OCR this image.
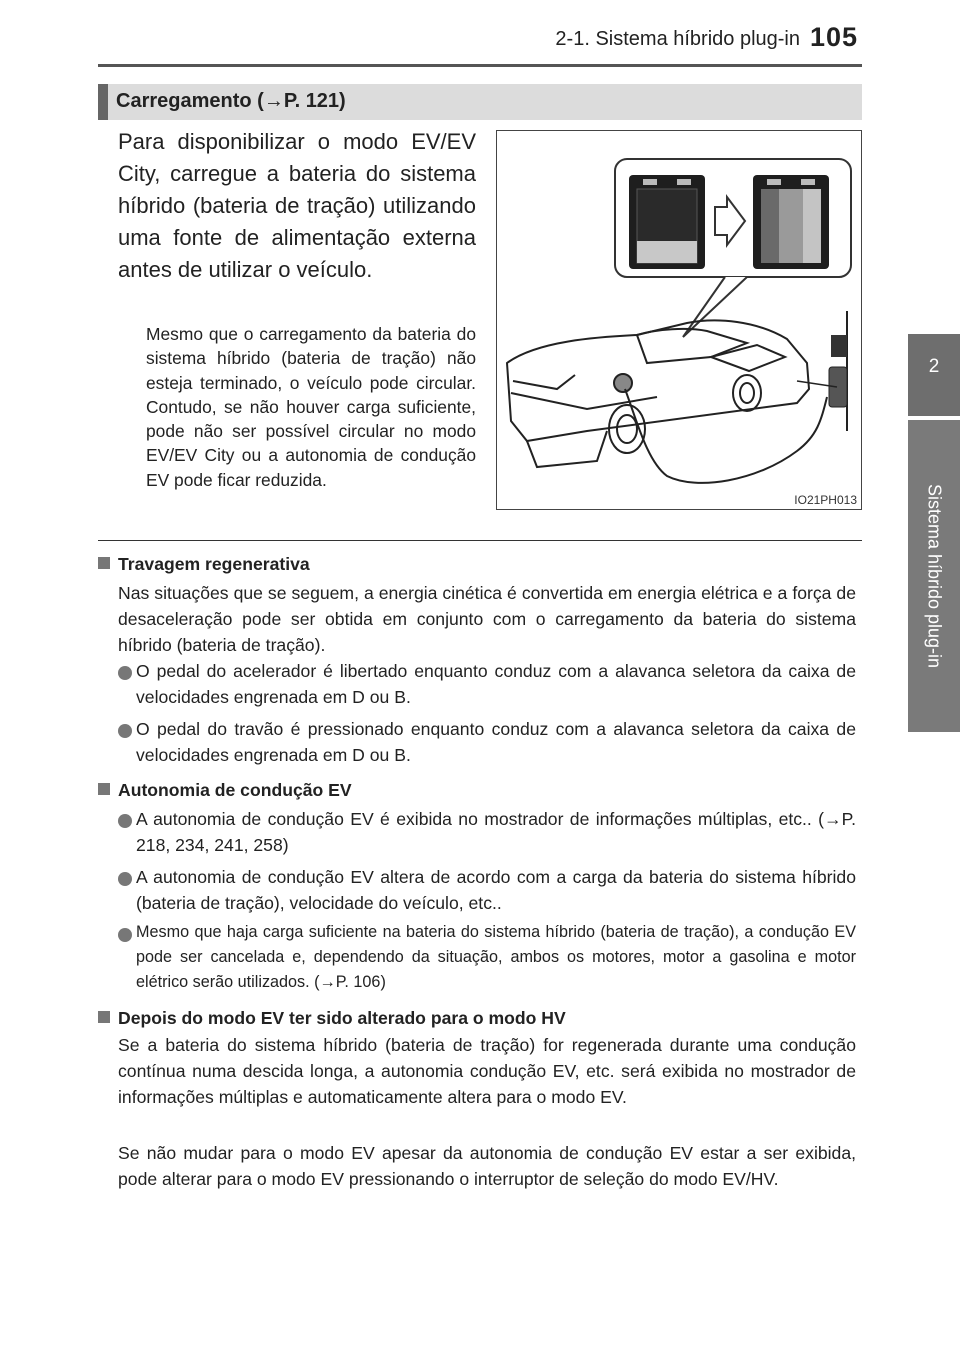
2-1. Sistema híbrido plug-in 105
2
Sistema híbrido plug-in
Carregamento (→P. 121)
Para disponibilizar o modo EV/EV City, carregue a bateria do sistema híbrido (bateria de tração) utilizando uma fonte de alimentação externa antes de utilizar o veículo.
Mesmo que o carregamento da bateria do sistema híbrido (bateria de tração) não esteja terminado, o veículo pode circular. Contudo, se não houver carga suficiente, pode não ser possível circular no modo EV/EV City ou a autonomia de condução EV pode ficar reduzida.
IO21PH013
Travagem regenerativa
Nas situações que se seguem, a energia cinética é convertida em energia elétrica e a força de desaceleração pode ser obtida em conjunto com o carregamento da bateria do sistema híbrido (bateria de tração).
O pedal do acelerador é libertado enquanto conduz com a alavanca seletora da caixa de velocidades engrenada em D ou B.
O pedal do travão é pressionado enquanto conduz com a alavanca seletora da caixa de velocidades engrenada em D ou B.
Autonomia de condução EV
A autonomia de condução EV é exibida no mostrador de informações múltiplas, etc.. (→P. 218, 234, 241, 258)
A autonomia de condução EV altera de acordo com a carga da bateria do sistema híbrido (bateria de tração), velocidade do veículo, etc..
Mesmo que haja carga suficiente na bateria do sistema híbrido (bateria de tração), a condução EV pode ser cancelada e, dependendo da situação, ambos os motores, motor a gasolina e motor elétrico serão utilizados. (→P. 106)
Depois do modo EV ter sido alterado para o modo HV
Se a bateria do sistema híbrido (bateria de tração) for regenerada durante uma condução contínua numa descida longa, a autonomia condução EV, etc. será exibida no mostrador de informações múltiplas e automaticamente altera para o modo EV.
Se não mudar para o modo EV apesar da autonomia de condução EV estar a ser exibida, pode alterar para o modo EV pressionando o interruptor de seleção do modo EV/HV.
